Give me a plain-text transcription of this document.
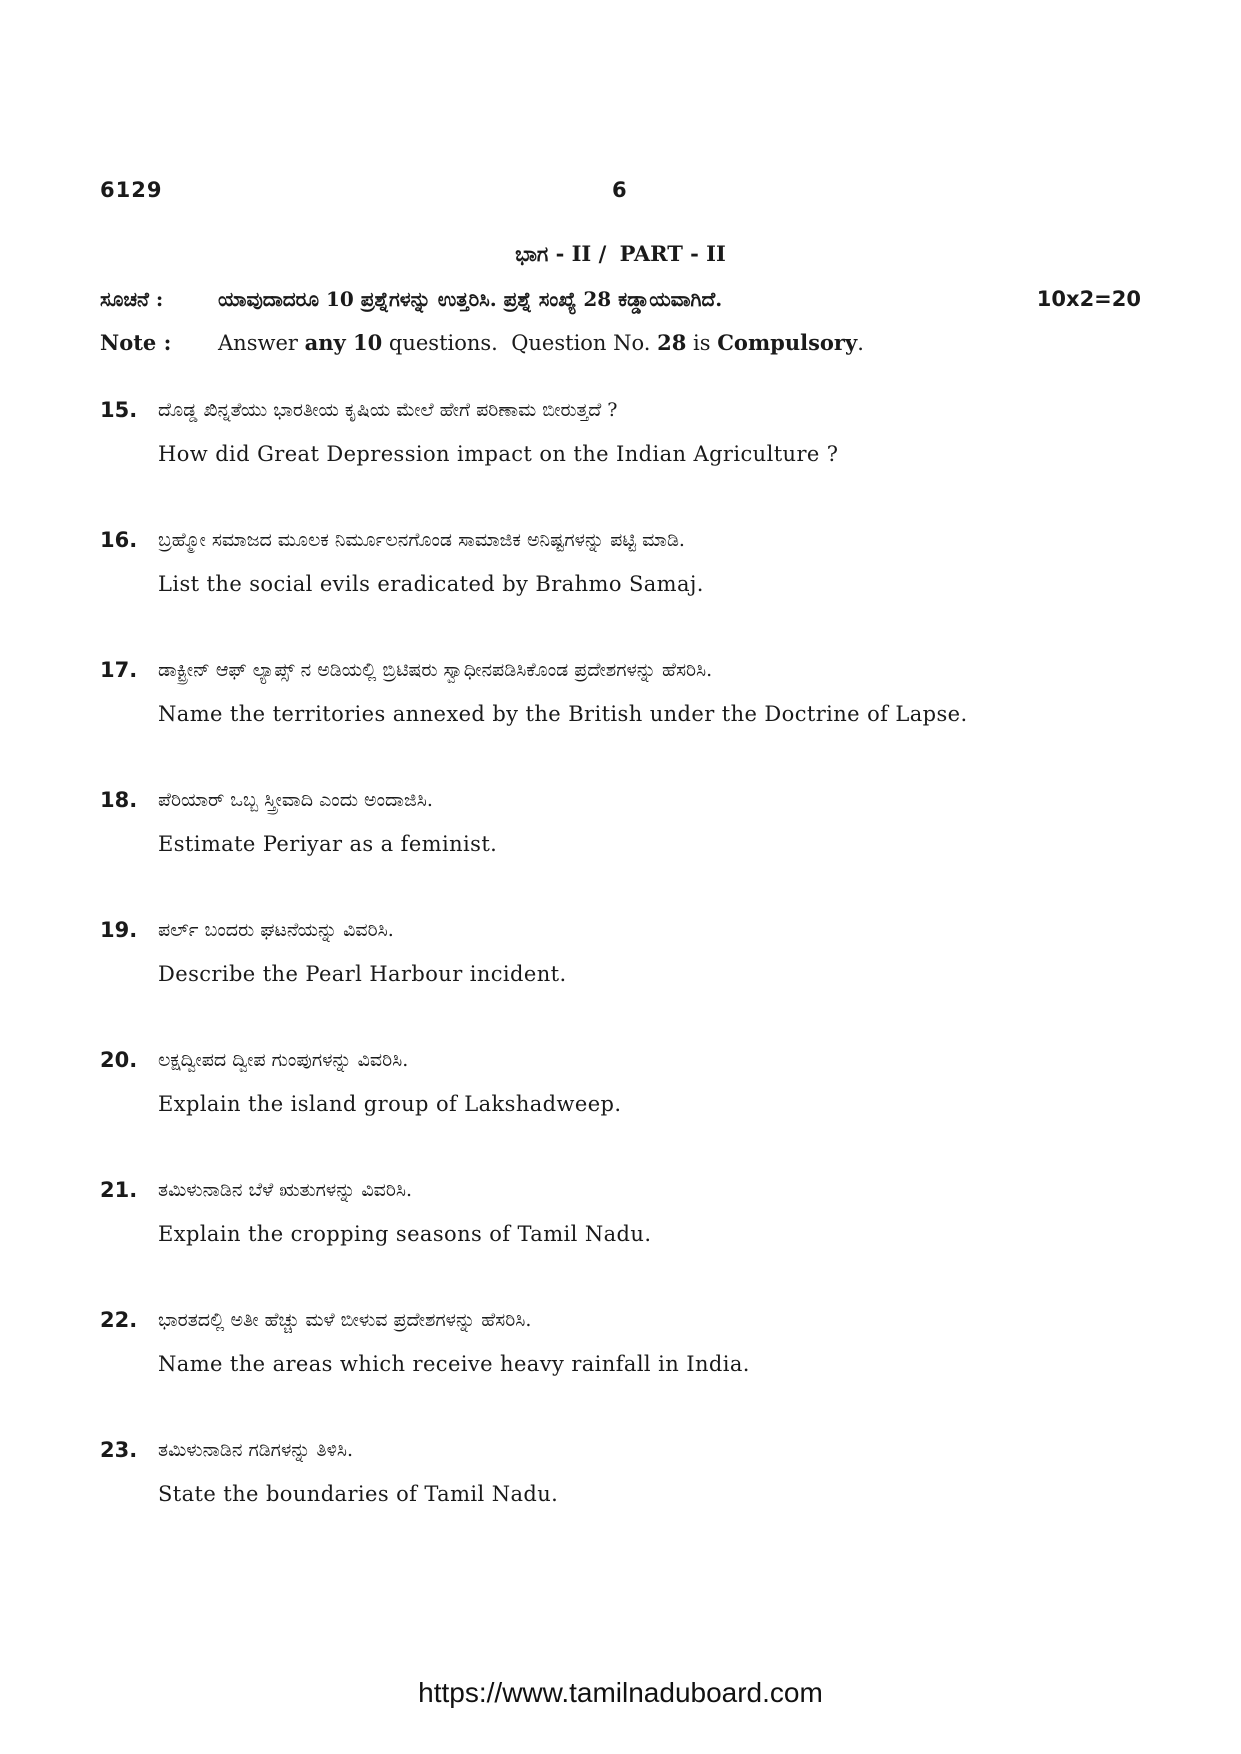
6129	6
ಭಾಗ - II / PART - II
ಸೂಚನೆ :	ಯಾವುದಾದರೂ 10 ಪ್ರಶ್ನೆಗಳನ್ನು ಉತ್ತರಿಸಿ. ಪ್ರಶ್ನೆ ಸಂಖ್ಯೆ 28 ಕಡ್ಡಾಯವಾಗಿದೆ.	10x2=20
Note : Answer any 10 questions.  Question No. 28 is Compulsory.
15. ದೊಡ್ಡ ಖಿನ್ನತೆಯು ಭಾರತೀಯ ಕೃಷಿಯ ಮೇಲೆ ಹೇಗೆ ಪರಿಣಾಮ ಬೀರುತ್ತದೆ ?
How did Great Depression impact on the Indian Agriculture ?
16. ಬ್ರಹ್ಮೋ ಸಮಾಜದ ಮೂಲಕ ನಿರ್ಮೂಲನಗೊಂಡ ಸಾಮಾಜಿಕ ಅನಿಷ್ಟಗಳನ್ನು ಪಟ್ಟಿ ಮಾಡಿ.
List the social evils eradicated by Brahmo Samaj.
17. ಡಾಕ್ಟ್ರೀನ್ ಆಫ್ ಲ್ಯಾಪ್ಸ್ ನ ಅಡಿಯಲ್ಲಿ ಬ್ರಿಟಿಷರು ಸ್ವಾಧೀನಪಡಿಸಿಕೊಂಡ ಪ್ರದೇಶಗಳನ್ನು ಹೆಸರಿಸಿ.
Name the territories annexed by the British under the Doctrine of Lapse.
18. ಪೆರಿಯಾರ್ ಒಬ್ಬ ಸ್ತ್ರೀವಾದಿ ಎಂದು ಅಂದಾಜಿಸಿ.
Estimate Periyar as a feminist.
19. ಪರ್ಲ್ ಬಂದರು ಘಟನೆಯನ್ನು ವಿವರಿಸಿ.
Describe the Pearl Harbour incident.
20. ಲಕ್ಷದ್ವೀಪದ ದ್ವೀಪ ಗುಂಪುಗಳನ್ನು ವಿವರಿಸಿ.
Explain the island group of Lakshadweep.
21. ತಮಿಳುನಾಡಿನ ಬೆಳೆ ಋತುಗಳನ್ನು ವಿವರಿಸಿ.
Explain the cropping seasons of Tamil Nadu.
22. ಭಾರತದಲ್ಲಿ ಅತೀ ಹೆಚ್ಚು ಮಳೆ ಬೀಳುವ ಪ್ರದೇಶಗಳನ್ನು ಹೆಸರಿಸಿ.
Name the areas which receive heavy rainfall in India.
23. ತಮಿಳುನಾಡಿನ ಗಡಿಗಳನ್ನು ತಿಳಿಸಿ.
State the boundaries of Tamil Nadu.
https://www.tamilnaduboard.com
